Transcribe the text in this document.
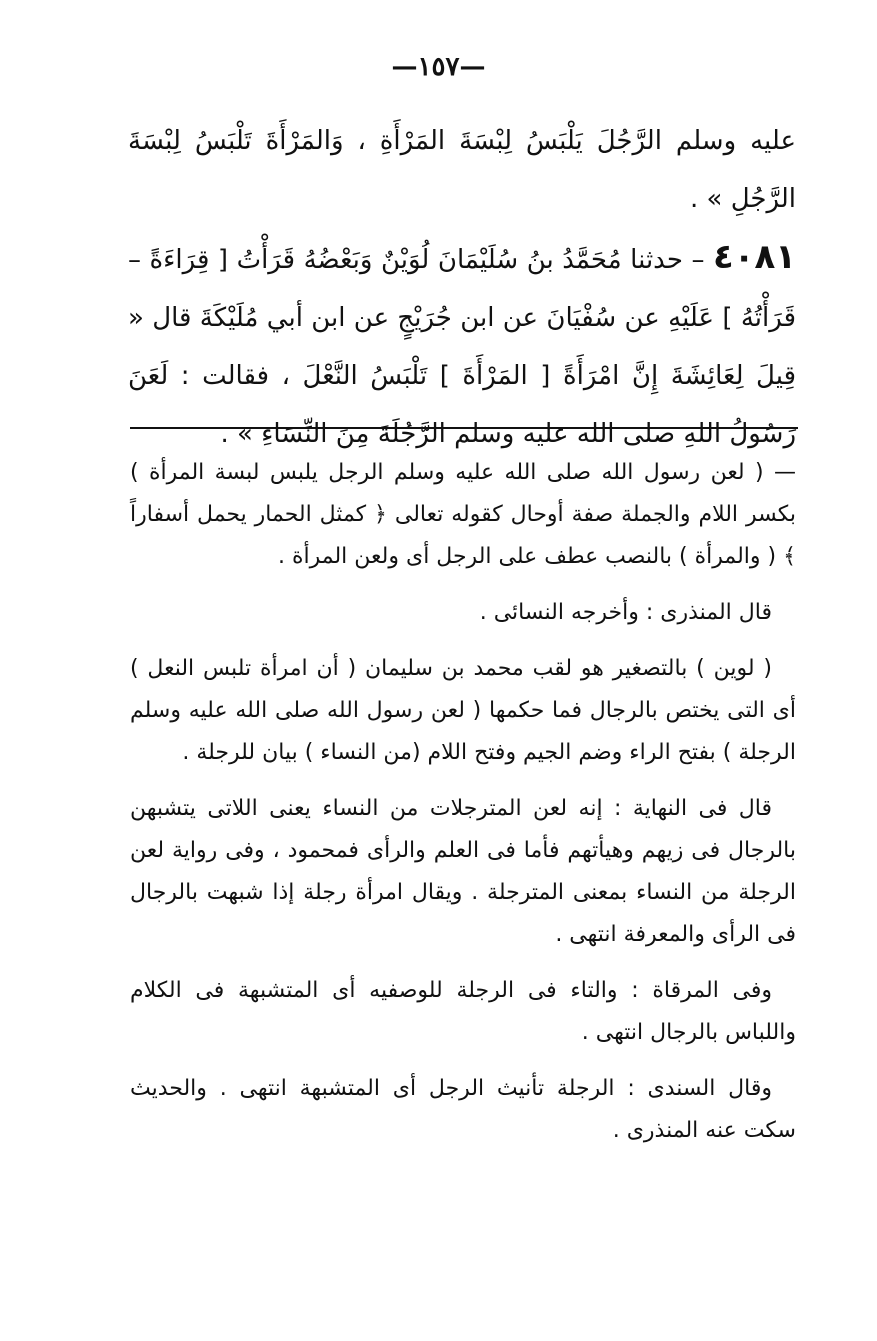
—١٥٧—

عليه وسلم الرَّجُلَ يَلْبَسُ لِبْسَةَ المَرْأَةِ ، وَالمَرْأَةَ تَلْبَسُ لِبْسَةَ الرَّجُلِ » .

٤٠٨١ – حدثنا مُحَمَّدُ بنُ سُلَيْمَانَ لُوَيْنٌ وَبَعْضُهُ قَرَأْتُ [ قِرَاءَةً – قَرَأْتُهُ ] عَلَيْهِ عن سُفْيَانَ عن ابن جُرَيْجٍ عن ابن أبي مُلَيْكَةَ قال « قِيلَ لِعَائِشَةَ إِنَّ امْرَأَةً [ المَرْأَةَ ] تَلْبَسُ النَّعْلَ ، فقالت : لَعَنَ رَسُولُ اللهِ صلى الله عليه وسلم الرَّجُلَةَ مِنَ النِّسَاءِ » .

— ( لعن رسول الله صلى الله عليه وسلم الرجل يلبس لبسة المرأة ) بكسر اللام والجملة صفة أوحال كقوله تعالى ﴿ كمثل الحمار يحمل أسفاراً ﴾ ( والمرأة ) بالنصب عطف على الرجل أى ولعن المرأة .

قال المنذرى : وأخرجه النسائى .

( لوين ) بالتصغير هو لقب محمد بن سليمان ( أن امرأة تلبس النعل ) أى التى يختص بالرجال فما حكمها ( لعن رسول الله صلى الله عليه وسلم الرجلة ) بفتح الراء وضم الجيم وفتح اللام (من النساء ) بيان للرجلة .

قال فى النهاية : إنه لعن المترجلات من النساء يعنى اللاتى يتشبهن بالرجال فى زيهم وهيأتهم فأما فى العلم والرأى فمحمود ، وفى رواية لعن الرجلة من النساء بمعنى المترجلة . ويقال امرأة رجلة إذا شبهت بالرجال فى الرأى والمعرفة انتهى .

وفى المرقاة : والتاء فى الرجلة للوصفيه أى المتشبهة فى الكلام واللباس بالرجال انتهى .

وقال السندى : الرجلة تأنيث الرجل أى المتشبهة انتهى . والحديث سكت عنه المنذرى .
